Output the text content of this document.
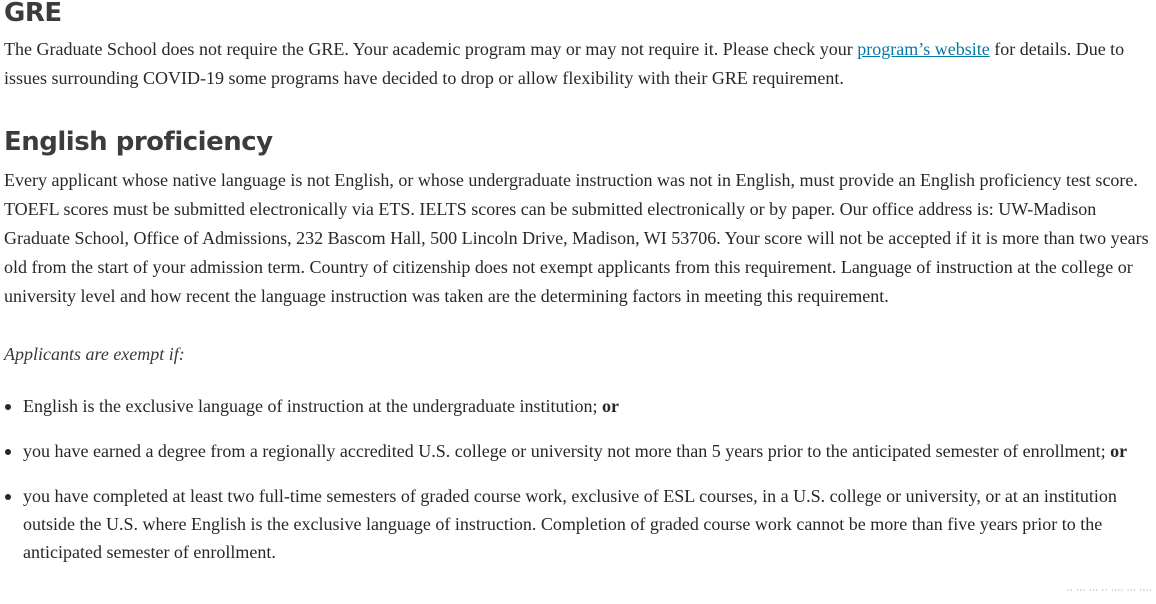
GRE

The Graduate School does not require the GRE. Your academic program may or may not require it. Please check your program’s website for details. Due to issues surrounding COVID-19 some programs have decided to drop or allow flexibility with their GRE requirement.

English proficiency

Every applicant whose native language is not English, or whose undergraduate instruction was not in English, must provide an English proficiency test score. TOEFL scores must be submitted electronically via ETS. IELTS scores can be submitted electronically or by paper. Our office address is: UW-Madison Graduate School, Office of Admissions, 232 Bascom Hall, 500 Lincoln Drive, Madison, WI 53706. Your score will not be accepted if it is more than two years old from the start of your admission term. Country of citizenship does not exempt applicants from this requirement. Language of instruction at the college or university level and how recent the language instruction was taken are the determining factors in meeting this requirement.

Applicants are exempt if:

English is the exclusive language of instruction at the undergraduate institution; or
you have earned a degree from a regionally accredited U.S. college or university not more than 5 years prior to the anticipated semester of enrollment; or
you have completed at least two full-time semesters of graded course work, exclusive of ESL courses, in a U.S. college or university, or at an institution outside the U.S. where English is the exclusive language of instruction. Completion of graded course work cannot be more than five years prior to the anticipated semester of enrollment.
·· ··· ··· ·· ···· ··· ····
